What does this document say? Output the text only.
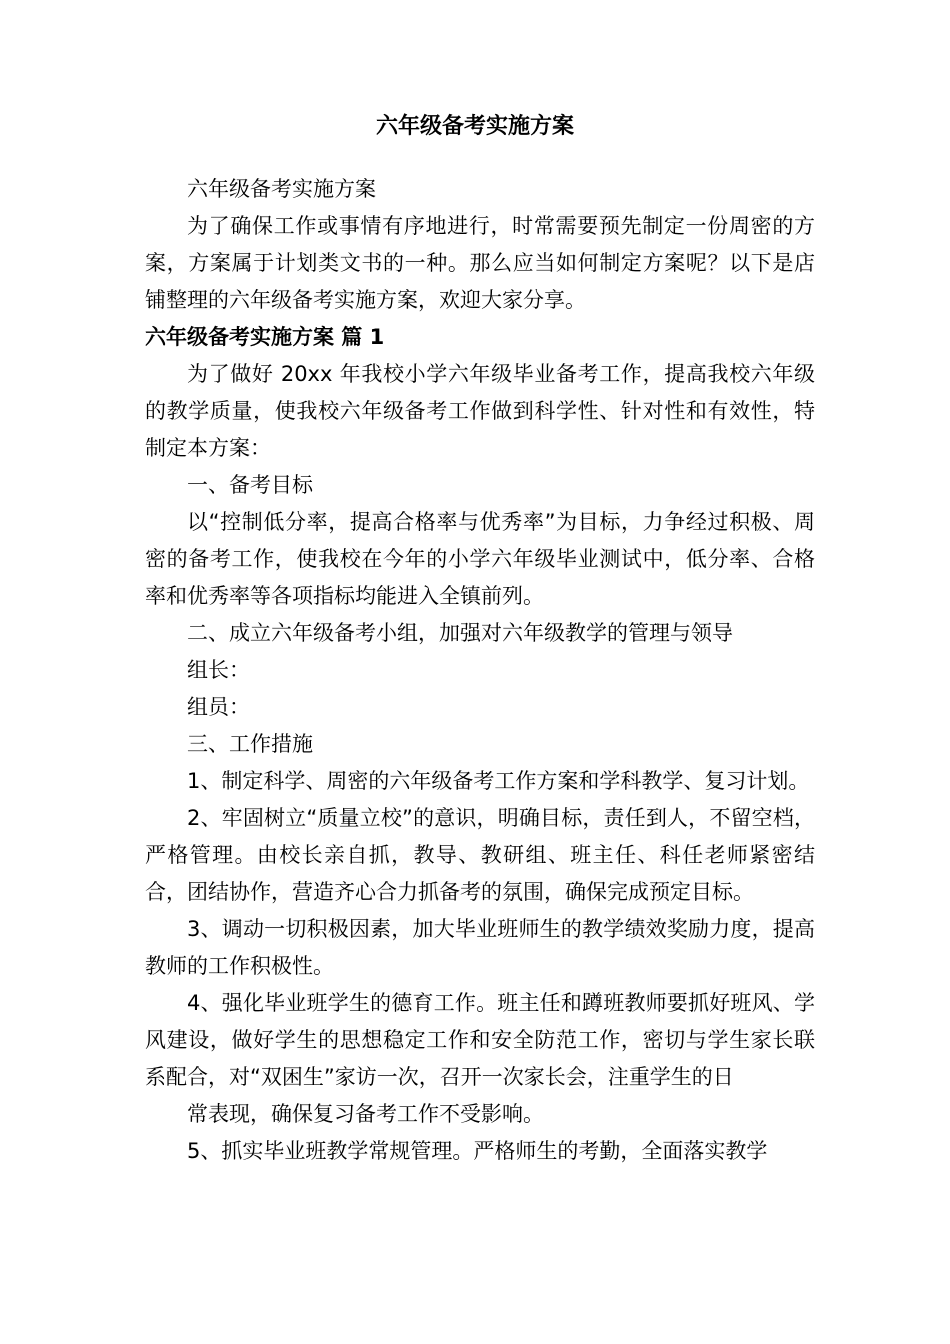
六年级备考实施方案

六年级备考实施方案

为了确保工作或事情有序地进行，时常需要预先制定一份周密的方案，方案属于计划类文书的一种。那么应当如何制定方案呢？以下是店铺整理的六年级备考实施方案，欢迎大家分享。

六年级备考实施方案 篇 1

为了做好 20xx 年我校小学六年级毕业备考工作，提高我校六年级的教学质量，使我校六年级备考工作做到科学性、针对性和有效性，特制定本方案：

一、备考目标

以“控制低分率，提高合格率与优秀率”为目标，力争经过积极、周密的备考工作，使我校在今年的小学六年级毕业测试中，低分率、合格率和优秀率等各项指标均能进入全镇前列。

二、成立六年级备考小组，加强对六年级教学的管理与领导

组长：

组员：

三、工作措施

1、制定科学、周密的六年级备考工作方案和学科教学、复习计划。

2、牢固树立“质量立校”的意识，明确目标，责任到人，不留空档，严格管理。由校长亲自抓，教导、教研组、班主任、科任老师紧密结合，团结协作，营造齐心合力抓备考的氛围，确保完成预定目标。

3、调动一切积极因素，加大毕业班师生的教学绩效奖励力度，提高教师的工作积极性。

4、强化毕业班学生的德育工作。班主任和蹲班教师要抓好班风、学风建设，做好学生的思想稳定工作和安全防范工作，密切与学生家长联系配合，对“双困生”家访一次，召开一次家长会，注重学生的日

常表现，确保复习备考工作不受影响。

5、抓实毕业班教学常规管理。严格师生的考勤，全面落实教学
